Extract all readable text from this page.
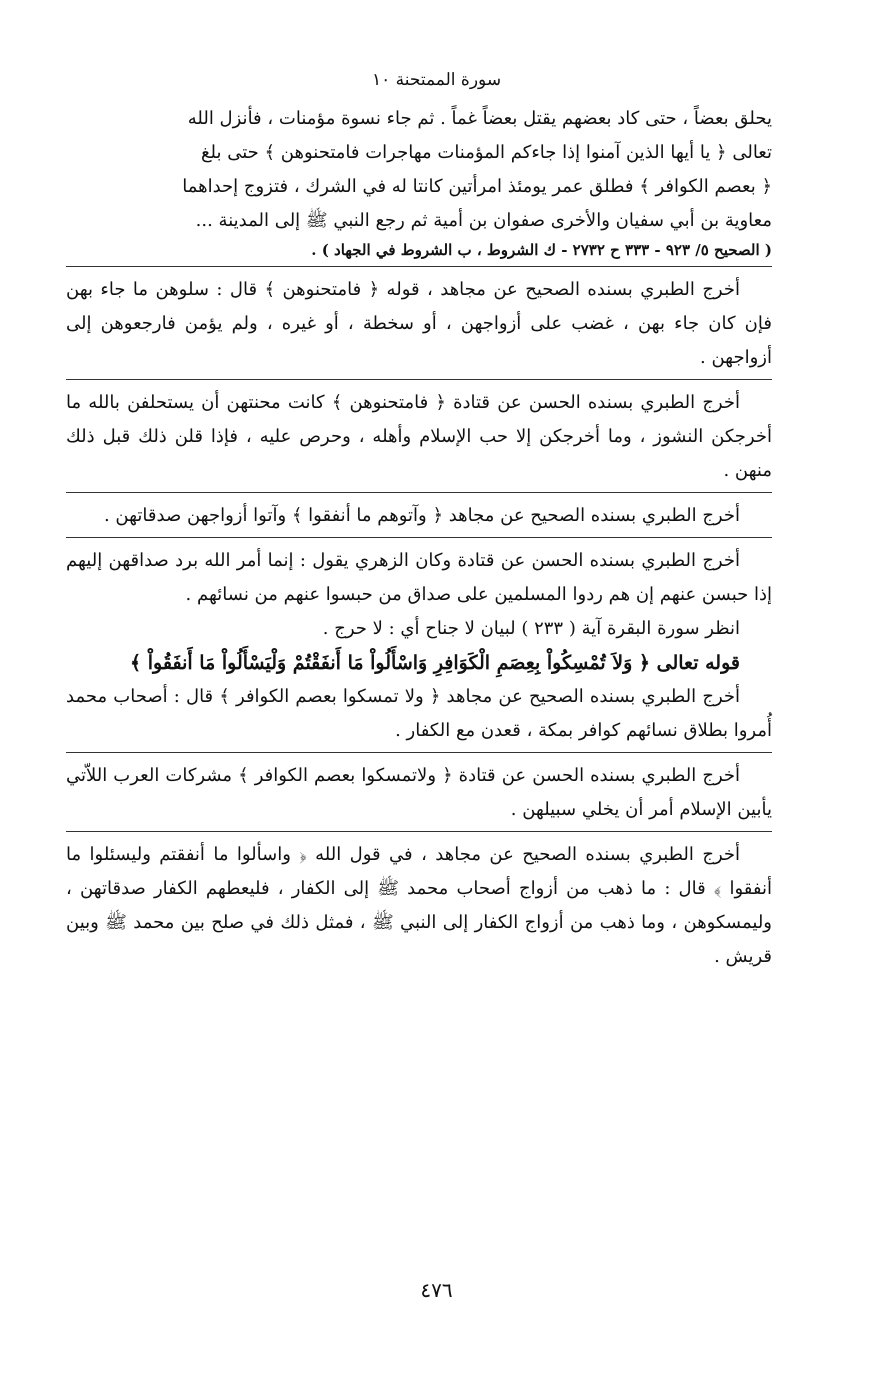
سورة الممتحنة ١٠

يحلق بعضاً ، حتى كاد بعضهم يقتل بعضاً غماً . ثم جاء نسوة مؤمنات ، فأنزل الله

تعالى ﴿ يا أيها الذين آمنوا إذا جاءكم المؤمنات مهاجرات فامتحنوهن ﴾ حتى بلغ

﴿ بعصم الكوافر ﴾ فطلق عمر يومئذ امرأتين كانتا له في الشرك ، فتزوج إحداهما

معاوية بن أبي سفيان والأخرى صفوان بن أمية ثم رجع النبي ﷺ إلى المدينة ...

( الصحيح ٥/ ٩٢٣ - ٣٣٣ ح ٢٧٣٢ - ك الشروط ، ب الشروط في الجهاد ) .

أخرج الطبري بسنده الصحيح عن مجاهد ، قوله ﴿ فامتحنوهن ﴾ قال : سلوهن ما جاء بهن فإن كان جاء بهن ، غضب على أزواجهن ، أو سخطة ، أو غيره ، ولم يؤمن فارجعوهن إلى أزواجهن .

أخرج الطبري بسنده الحسن عن قتادة ﴿ فامتحنوهن ﴾ كانت محنتهن أن يستحلفن بالله ما أخرجكن النشوز ، وما أخرجكن إلا حب الإسلام وأهله ، وحرص عليه ، فإذا قلن ذلك قبل ذلك منهن .

أخرج الطبري بسنده الصحيح عن مجاهد ﴿ وآتوهم ما أنفقوا ﴾ وآتوا أزواجهن صدقاتهن .

أخرج الطبري بسنده الحسن عن قتادة وكان الزهري يقول : إنما أمر الله برد صداقهن إليهم إذا حبسن عنهم إن هم ردوا المسلمين على صداق من حبسوا عنهم من نسائهم .

انظر سورة البقرة آية ( ٢٣٣ ) لبيان لا جناح أي : لا حرج .

قوله تعالى ﴿ وَلاَ تُمْسِكُواْ بِعِصَمِ الْكَوَافِرِ وَاسْأَلُواْ مَا أَنفَقْتُمْ وَلْيَسْأَلُواْ مَا أَنفَقُواْ ﴾

أخرج الطبري بسنده الصحيح عن مجاهد ﴿ ولا تمسكوا بعصم الكوافر ﴾ قال : أصحاب محمد أُمروا بطلاق نسائهم كوافر بمكة ، قعدن مع الكفار .

أخرج الطبري بسنده الحسن عن قتادة ﴿ ولاتمسكوا بعصم الكوافر ﴾ مشركات العرب اللاّتي يأبين الإسلام أمر أن يخلي سبيلهن .

أخرج الطبري بسنده الصحيح عن مجاهد ، في قول الله ﴿ واسألوا ما أنفقتم وليسئلوا ما أنفقوا ﴾ قال : ما ذهب من أزواج أصحاب محمد ﷺ إلى الكفار ، فليعطهم الكفار صدقاتهن ، وليمسكوهن ، وما ذهب من أزواج الكفار إلى النبي ﷺ ، فمثل ذلك في صلح بين محمد ﷺ وبين قريش .

٤٧٦
